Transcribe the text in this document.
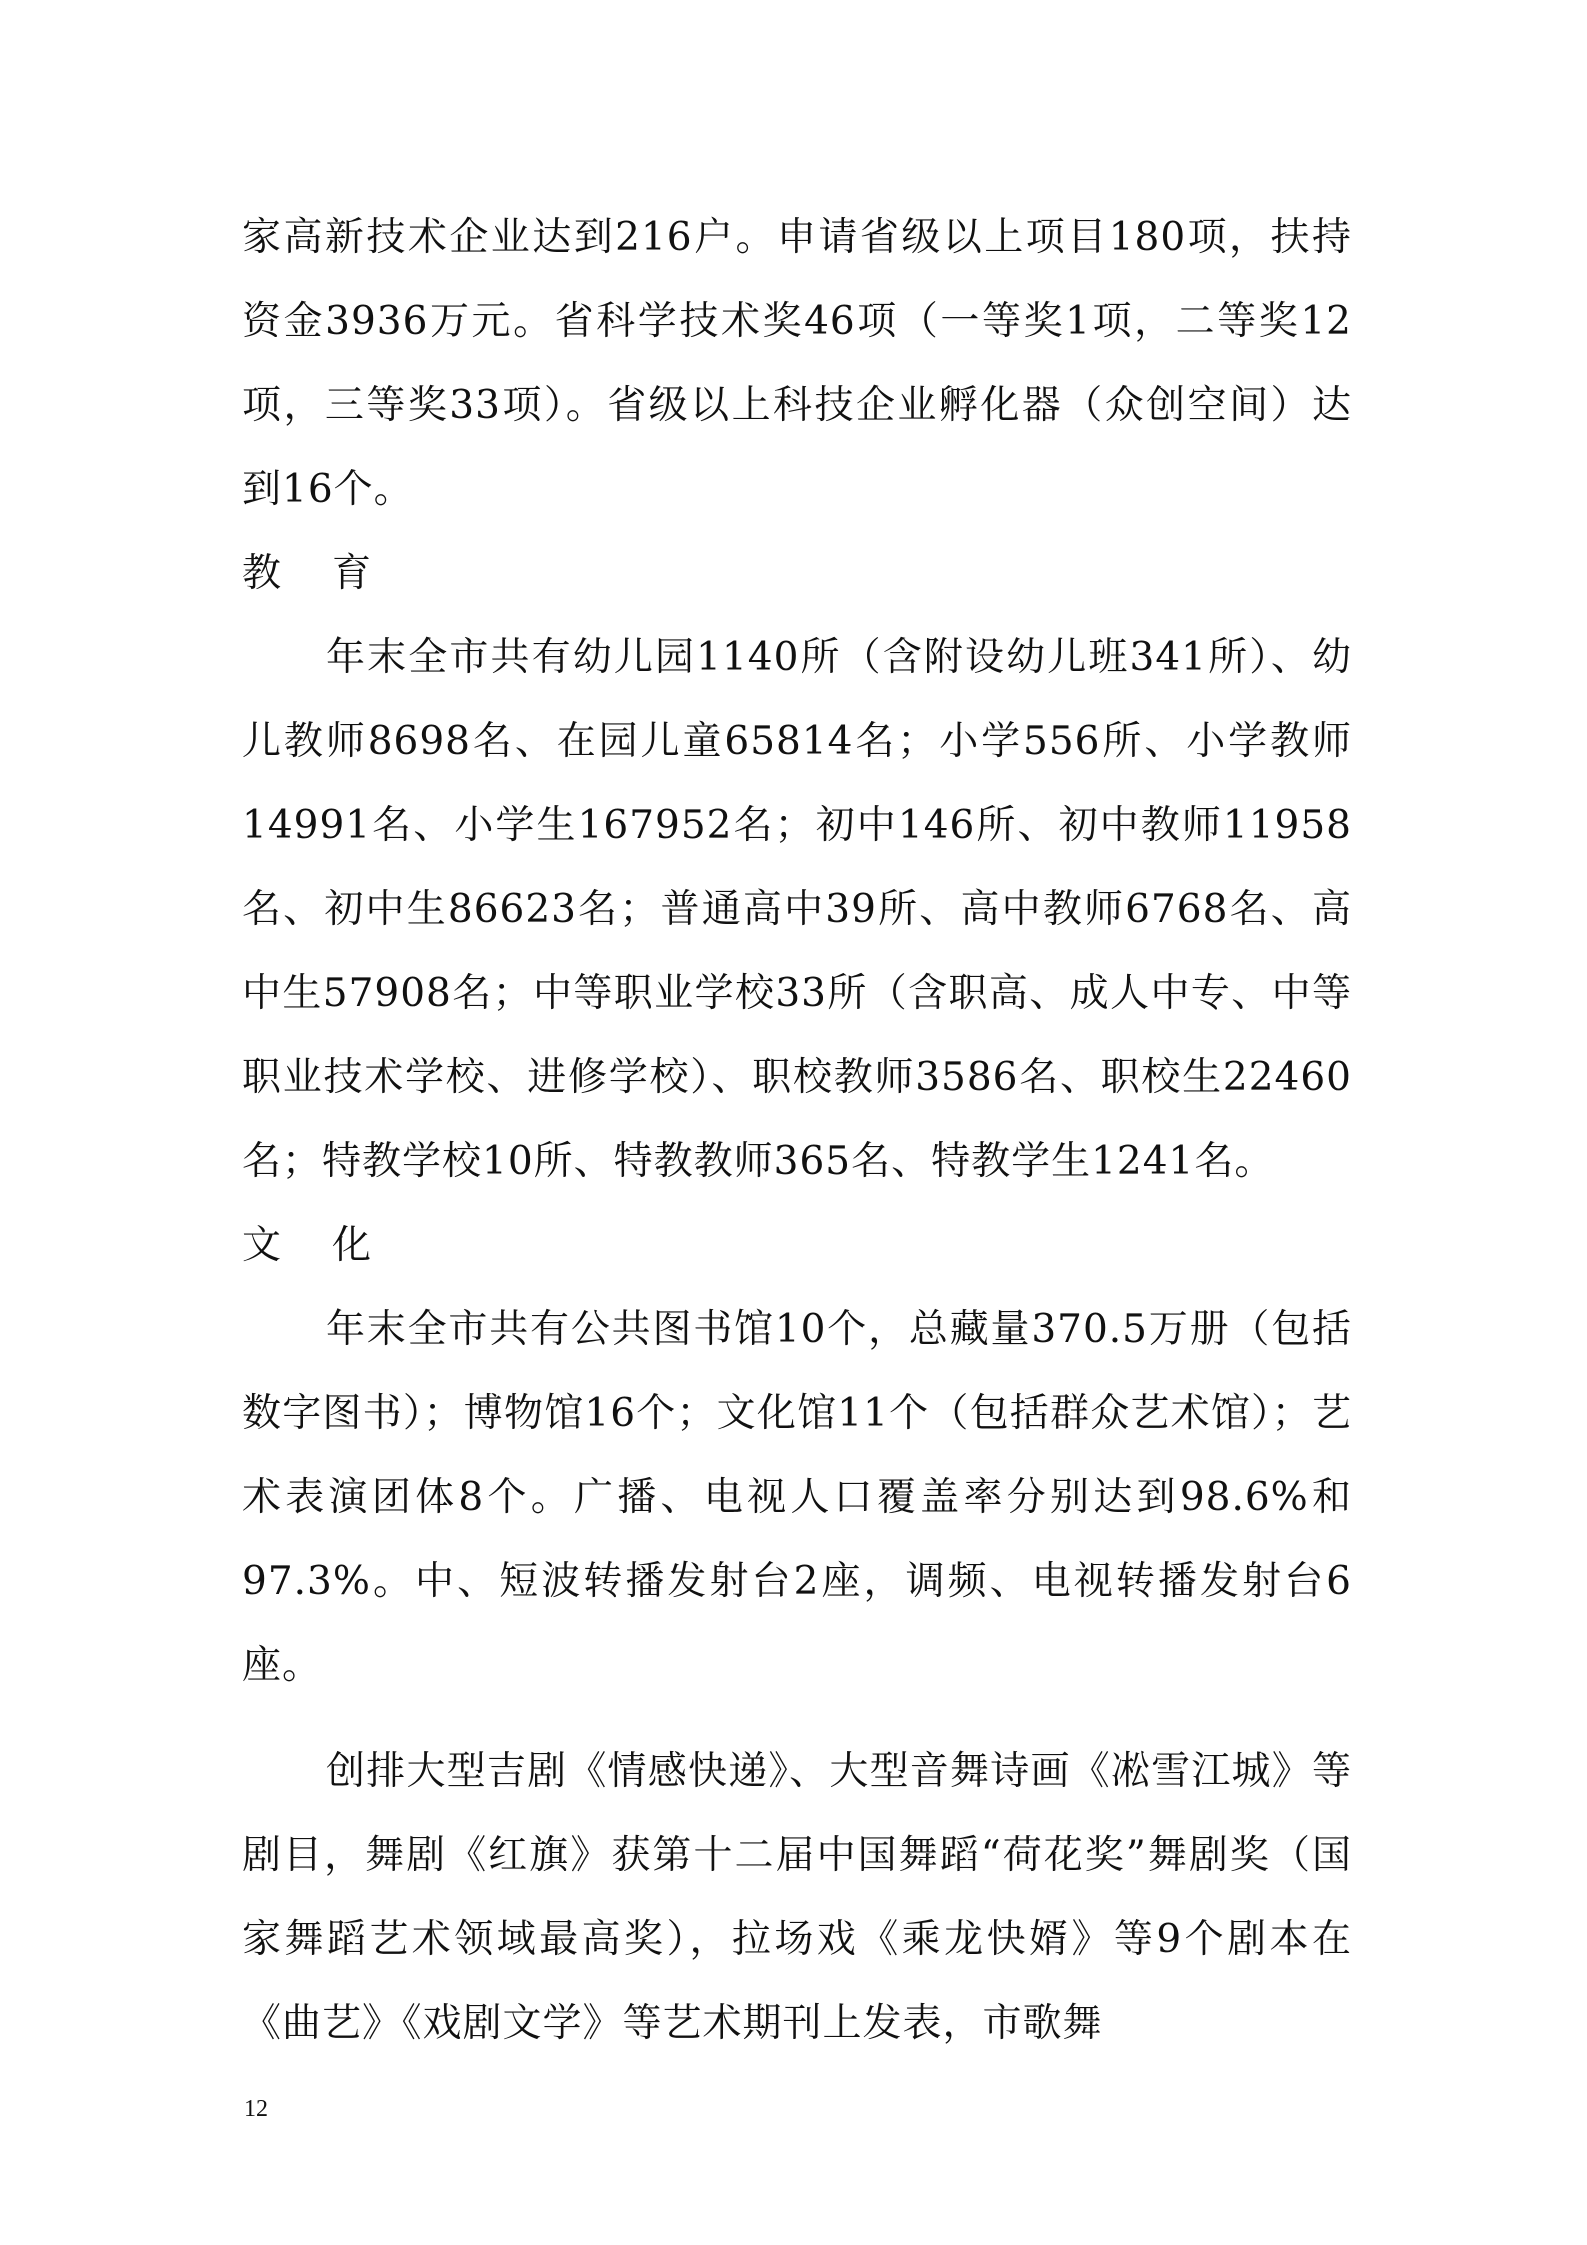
家高新技术企业达到216户。申请省级以上项目180项，扶持资金3936万元。省科学技术奖46项（一等奖1项，二等奖12项，三等奖33项）。省级以上科技企业孵化器（众创空间）达到16个。

教 育

年末全市共有幼儿园1140所（含附设幼儿班341所）、幼儿教师8698名、在园儿童65814名；小学556所、小学教师14991名、小学生167952名；初中146所、初中教师11958名、初中生86623名；普通高中39所、高中教师6768名、高中生57908名；中等职业学校33所（含职高、成人中专、中等职业技术学校、进修学校）、职校教师3586名、职校生22460名；特教学校10所、特教教师365名、特教学生1241名。

文 化

年末全市共有公共图书馆10个，总藏量370.5万册（包括数字图书）；博物馆16个；文化馆11个（包括群众艺术馆）；艺术表演团体8个。广播、电视人口覆盖率分别达到98.6%和97.3%。中、短波转播发射台2座，调频、电视转播发射台6座。

创排大型吉剧《情感快递》、大型音舞诗画《凇雪江城》等剧目，舞剧《红旗》获第十二届中国舞蹈“荷花奖”舞剧奖（国家舞蹈艺术领域最高奖），拉场戏《乘龙快婿》等9个剧本在《曲艺》《戏剧文学》等艺术期刊上发表，市歌舞

12
